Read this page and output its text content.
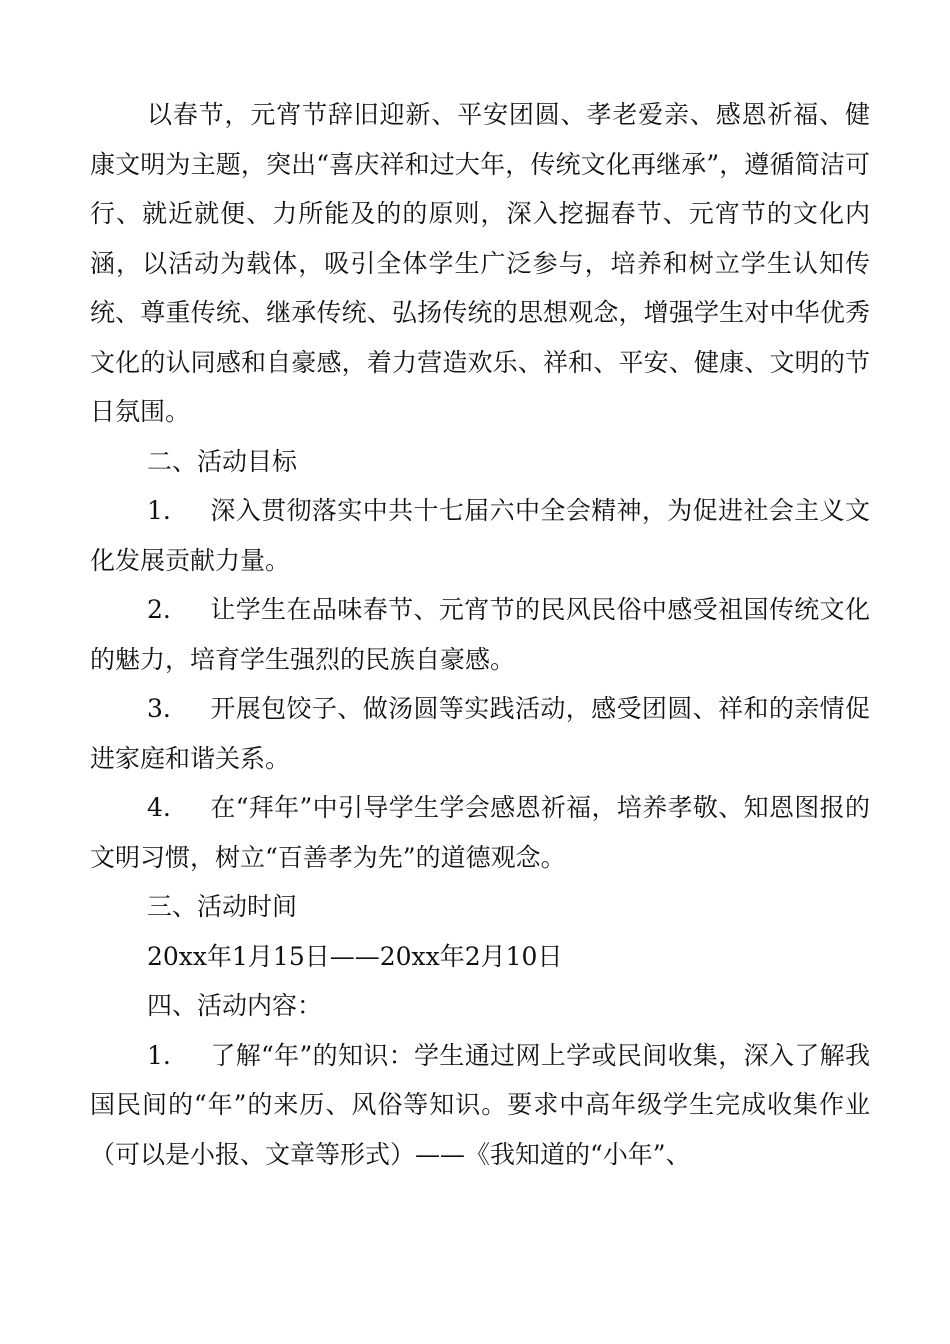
以春节，元宵节辞旧迎新、平安团圆、孝老爱亲、感恩祈福、健康文明为主题，突出“喜庆祥和过大年，传统文化再继承”，遵循简洁可行、就近就便、力所能及的的原则，深入挖掘春节、元宵节的文化内涵，以活动为载体，吸引全体学生广泛参与，培养和树立学生认知传统、尊重传统、继承传统、弘扬传统的思想观念，增强学生对中华优秀文化的认同感和自豪感，着力营造欢乐、祥和、平安、健康、文明的节日氛围。

二、活动目标

1. 深入贯彻落实中共十七届六中全会精神，为促进社会主义文化发展贡献力量。

2. 让学生在品味春节、元宵节的民风民俗中感受祖国传统文化的魅力，培育学生强烈的民族自豪感。

3. 开展包饺子、做汤圆等实践活动，感受团圆、祥和的亲情促进家庭和谐关系。

4. 在“拜年”中引导学生学会感恩祈福，培养孝敬、知恩图报的文明习惯，树立“百善孝为先”的道德观念。

三、活动时间

20xx年1月15日——20xx年2月10日

四、活动内容：

1. 了解“年”的知识：学生通过网上学或民间收集，深入了解我国民间的“年”的来历、风俗等知识。要求中高年级学生完成收集作业（可以是小报、文章等形式）——《我知道的“小年”、
